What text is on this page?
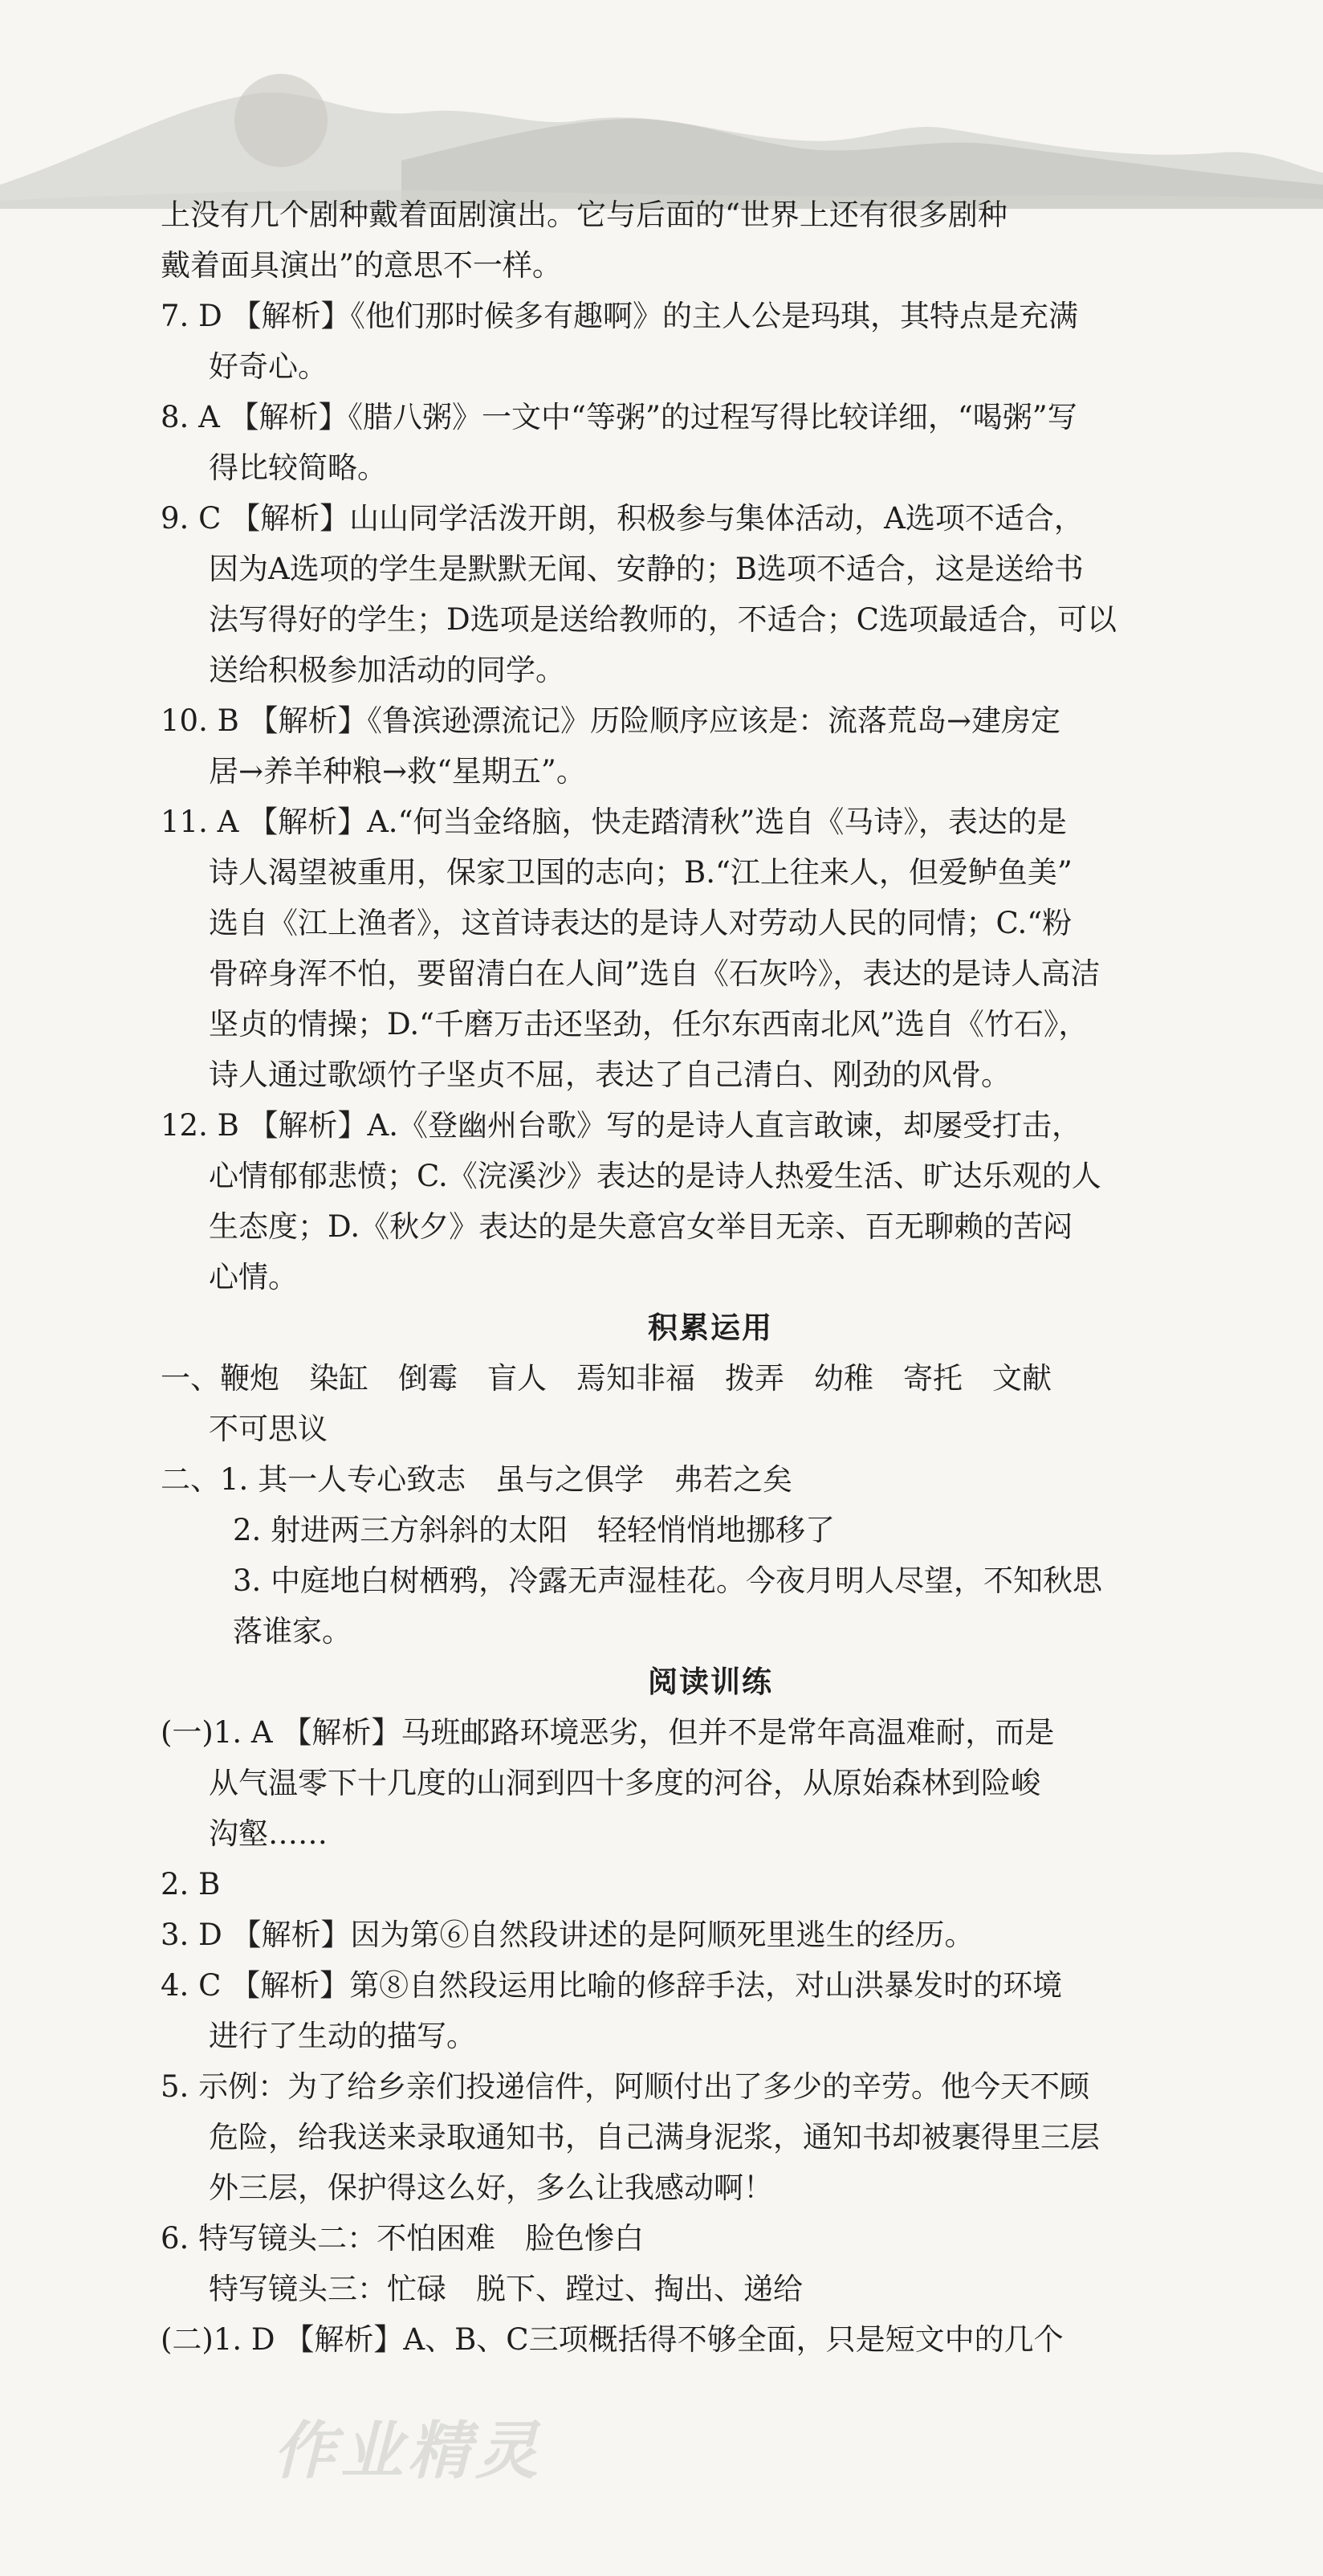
上没有几个剧种戴着面剧演出。它与后面的“世界上还有很多剧种
戴着面具演出”的意思不一样。
7. D 【解析】《他们那时候多有趣啊》的主人公是玛琪，其特点是充满
好奇心。
8. A 【解析】《腊八粥》一文中“等粥”的过程写得比较详细，“喝粥”写
得比较简略。
9. C 【解析】山山同学活泼开朗，积极参与集体活动，A选项不适合，
因为A选项的学生是默默无闻、安静的；B选项不适合，这是送给书
法写得好的学生；D选项是送给教师的，不适合；C选项最适合，可以
送给积极参加活动的同学。
10. B 【解析】《鲁滨逊漂流记》历险顺序应该是：流落荒岛→建房定
居→养羊种粮→救“星期五”。
11. A 【解析】A.“何当金络脑，快走踏清秋”选自《马诗》，表达的是
诗人渴望被重用，保家卫国的志向；B.“江上往来人，但爱鲈鱼美”
选自《江上渔者》，这首诗表达的是诗人对劳动人民的同情；C.“粉
骨碎身浑不怕，要留清白在人间”选自《石灰吟》，表达的是诗人高洁
坚贞的情操；D.“千磨万击还坚劲，任尔东西南北风”选自《竹石》，
诗人通过歌颂竹子坚贞不屈，表达了自己清白、刚劲的风骨。
12. B 【解析】A.《登幽州台歌》写的是诗人直言敢谏，却屡受打击，
心情郁郁悲愤；C.《浣溪沙》表达的是诗人热爱生活、旷达乐观的人
生态度；D.《秋夕》表达的是失意宫女举目无亲、百无聊赖的苦闷
心情。
积累运用
一、鞭炮　染缸　倒霉　盲人　焉知非福　拨弄　幼稚　寄托　文献
不可思议
二、1. 其一人专心致志　虽与之俱学　弗若之矣
2. 射进两三方斜斜的太阳　轻轻悄悄地挪移了
3. 中庭地白树栖鸦，冷露无声湿桂花。今夜月明人尽望，不知秋思
落谁家。
阅读训练
(一)1. A 【解析】马班邮路环境恶劣，但并不是常年高温难耐，而是
从气温零下十几度的山洞到四十多度的河谷，从原始森林到险峻
沟壑……
2. B
3. D 【解析】因为第⑥自然段讲述的是阿顺死里逃生的经历。
4. C 【解析】第⑧自然段运用比喻的修辞手法，对山洪暴发时的环境
进行了生动的描写。
5. 示例：为了给乡亲们投递信件，阿顺付出了多少的辛劳。他今天不顾
危险，给我送来录取通知书，自己满身泥浆，通知书却被裹得里三层
外三层，保护得这么好，多么让我感动啊！
6. 特写镜头二：不怕困难　脸色惨白
特写镜头三：忙碌　脱下、蹚过、掏出、递给
(二)1. D 【解析】A、B、C三项概括得不够全面，只是短文中的几个
作业精灵
